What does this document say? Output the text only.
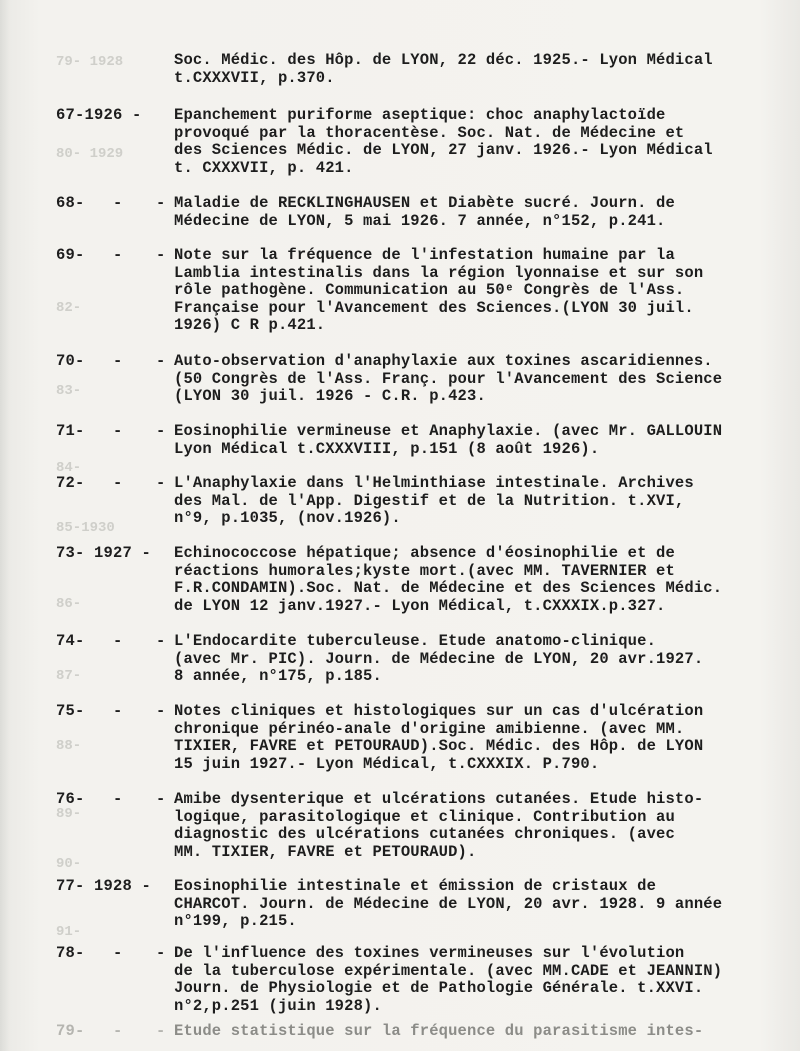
79- 1928
80- 1929
82-
83-
84-
85-1930
86-
87-
88-
89-
90-
91-
Soc. Médic. des Hôp. de LYON, 22 déc. 1925.- Lyon Médical
t.CXXXVII, p.370.
67-1926 - Epanchement puriforme aseptique: choc anaphylactoïde
provoqué par la thoracentèse. Soc. Nat. de Médecine et
des Sciences Médic. de LYON, 27 janv. 1926.- Lyon Médical
t. CXXXVII, p. 421.
68-   - - Maladie de RECKLINGHAUSEN et Diabète sucré. Journ. de
Médecine de LYON, 5 mai 1926. 7 année, n°152, p.241.
69-   - - Note sur la fréquence de l'infestation humaine par la
Lamblia intestinalis dans la région lyonnaise et sur son
rôle pathogène. Communication au 50ᵉ Congrès de l'Ass.
Française pour l'Avancement des Sciences.(LYON 30 juil.
1926) C R p.421.
70-   - - Auto-observation d'anaphylaxie aux toxines ascaridiennes.
(50 Congrès de l'Ass. Franç. pour l'Avancement des Science
(LYON 30 juil. 1926 - C.R. p.423.
71-   - - Eosinophilie vermineuse et Anaphylaxie. (avec Mr. GALLOUIN
Lyon Médical t.CXXXVIII, p.151 (8 août 1926).
72-   - - L'Anaphylaxie dans l'Helminthiase intestinale. Archives
des Mal. de l'App. Digestif et de la Nutrition. t.XVI,
n°9, p.1035, (nov.1926).
73- 1927 - Echinococcose hépatique; absence d'éosinophilie et de
réactions humorales;kyste mort.(avec MM. TAVERNIER et
F.R.CONDAMIN).Soc. Nat. de Médecine et des Sciences Médic.
de LYON 12 janv.1927.- Lyon Médical, t.CXXXIX.p.327.
74-   - - L'Endocardite tuberculeuse. Etude anatomo-clinique.
(avec Mr. PIC). Journ. de Médecine de LYON, 20 avr.1927.
8 année, n°175, p.185.
75-   - - Notes cliniques et histologiques sur un cas d'ulcération
chronique périnéo-anale d'origine amibienne. (avec MM.
TIXIER, FAVRE et PETOURAUD).Soc. Médic. des Hôp. de LYON
15 juin 1927.- Lyon Médical, t.CXXXIX. P.790.
76-   - - Amibe dysenterique et ulcérations cutanées. Etude histo-
logique, parasitologique et clinique. Contribution au
diagnostic des ulcérations cutanées chroniques. (avec
MM. TIXIER, FAVRE et PETOURAUD).
77- 1928 - Eosinophilie intestinale et émission de cristaux de
CHARCOT. Journ. de Médecine de LYON, 20 avr. 1928. 9 année
n°199, p.215.
78-   - - De l'influence des toxines vermineuses sur l'évolution
de la tuberculose expérimentale. (avec MM.CADE et JEANNIN)
Journ. de Physiologie et de Pathologie Générale. t.XXVI.
n°2,p.251 (juin 1928).
79-   - - Etude statistique sur la fréquence du parasitisme intes-
